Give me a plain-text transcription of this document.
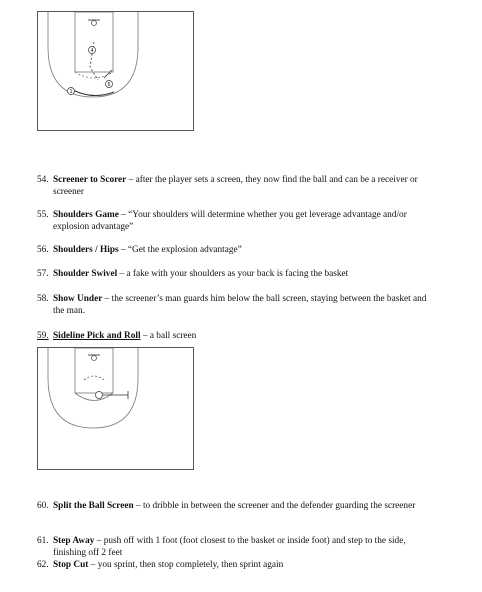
4
5
1
54. Screener to Scorer – after the player sets a screen, they now find the ball and can be a receiver or screener
55. Shoulders Game – “Your shoulders will determine whether you get leverage advantage and/or explosion advantage”
56. Shoulders / Hips – “Get the explosion advantage”
57. Shoulder Swivel – a fake with your shoulders as your back is facing the basket
58. Show Under – the screener’s man guards him below the ball screen, staying between the basket and the man.
59. Sideline Pick and Roll – a ball screen
60. Split the Ball Screen – to dribble in between the screener and the defender guarding the screener
61. Step Away – push off with 1 foot (foot closest to the basket or inside foot) and step to the side, finishing off 2 feet
62. Stop Cut – you sprint, then stop completely, then sprint again
